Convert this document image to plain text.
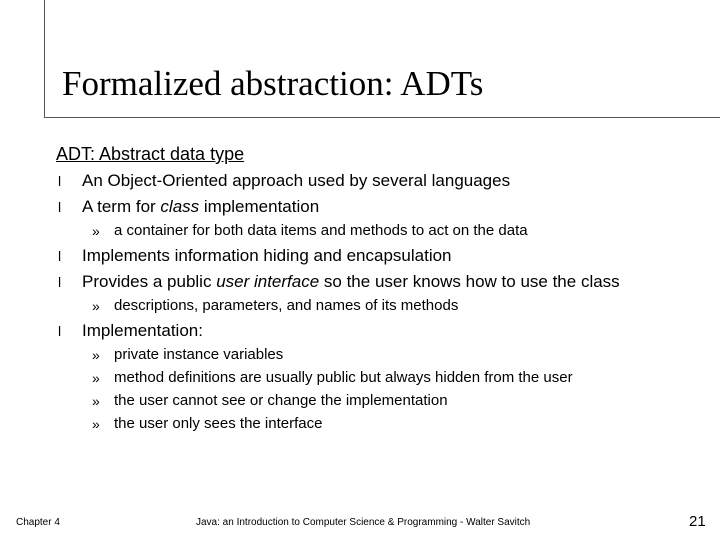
Formalized abstraction: ADTs
ADT: Abstract data type
l An Object-Oriented approach used by several languages
l A term for class implementation
» a container for both data items and methods to act on the data
l Implements information hiding and encapsulation
l Provides a public user interface so the user knows how to use the class
» descriptions, parameters, and names of its methods
l Implementation:
» private instance variables
» method definitions are usually public but always hidden from the user
» the user cannot see or change the implementation
» the user only sees the interface
Chapter 4	Java: an Introduction to Computer Science & Programming - Walter Savitch	21
